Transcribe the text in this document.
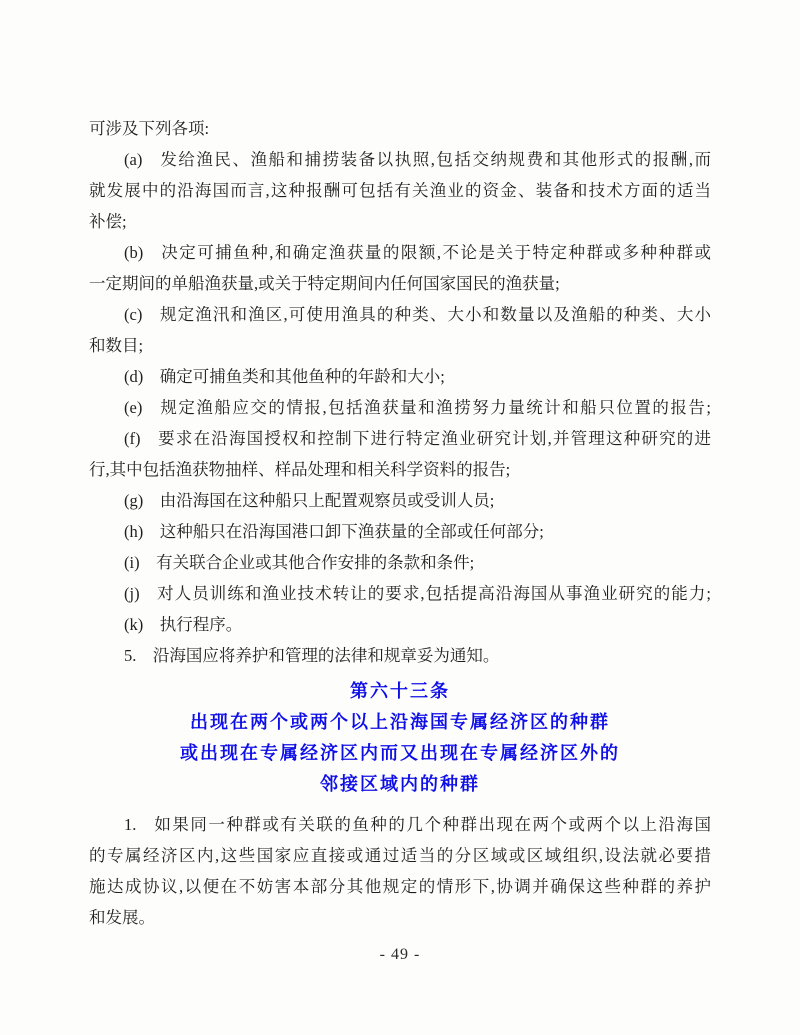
可涉及下列各项:
(a) 发给渔民、渔船和捕捞装备以执照,包括交纳规费和其他形式的报酬,而
就发展中的沿海国而言,这种报酬可包括有关渔业的资金、装备和技术方面的适当
补偿;
(b) 决定可捕鱼种,和确定渔获量的限额,不论是关于特定种群或多种种群或
一定期间的单船渔获量,或关于特定期间内任何国家国民的渔获量;
(c) 规定渔汛和渔区,可使用渔具的种类、大小和数量以及渔船的种类、大小
和数目;
(d) 确定可捕鱼类和其他鱼种的年龄和大小;
(e) 规定渔船应交的情报,包括渔获量和渔捞努力量统计和船只位置的报告;
(f) 要求在沿海国授权和控制下进行特定渔业研究计划,并管理这种研究的进
行,其中包括渔获物抽样、样品处理和相关科学资料的报告;
(g) 由沿海国在这种船只上配置观察员或受训人员;
(h) 这种船只在沿海国港口卸下渔获量的全部或任何部分;
(i) 有关联合企业或其他合作安排的条款和条件;
(j) 对人员训练和渔业技术转让的要求,包括提高沿海国从事渔业研究的能力;
(k) 执行程序。
5. 沿海国应将养护和管理的法律和规章妥为通知。
第六十三条
出现在两个或两个以上沿海国专属经济区的种群
或出现在专属经济区内而又出现在专属经济区外的
邻接区域内的种群
1. 如果同一种群或有关联的鱼种的几个种群出现在两个或两个以上沿海国
的专属经济区内,这些国家应直接或通过适当的分区域或区域组织,设法就必要措
施达成协议,以便在不妨害本部分其他规定的情形下,协调并确保这些种群的养护
和发展。
- 49 -
